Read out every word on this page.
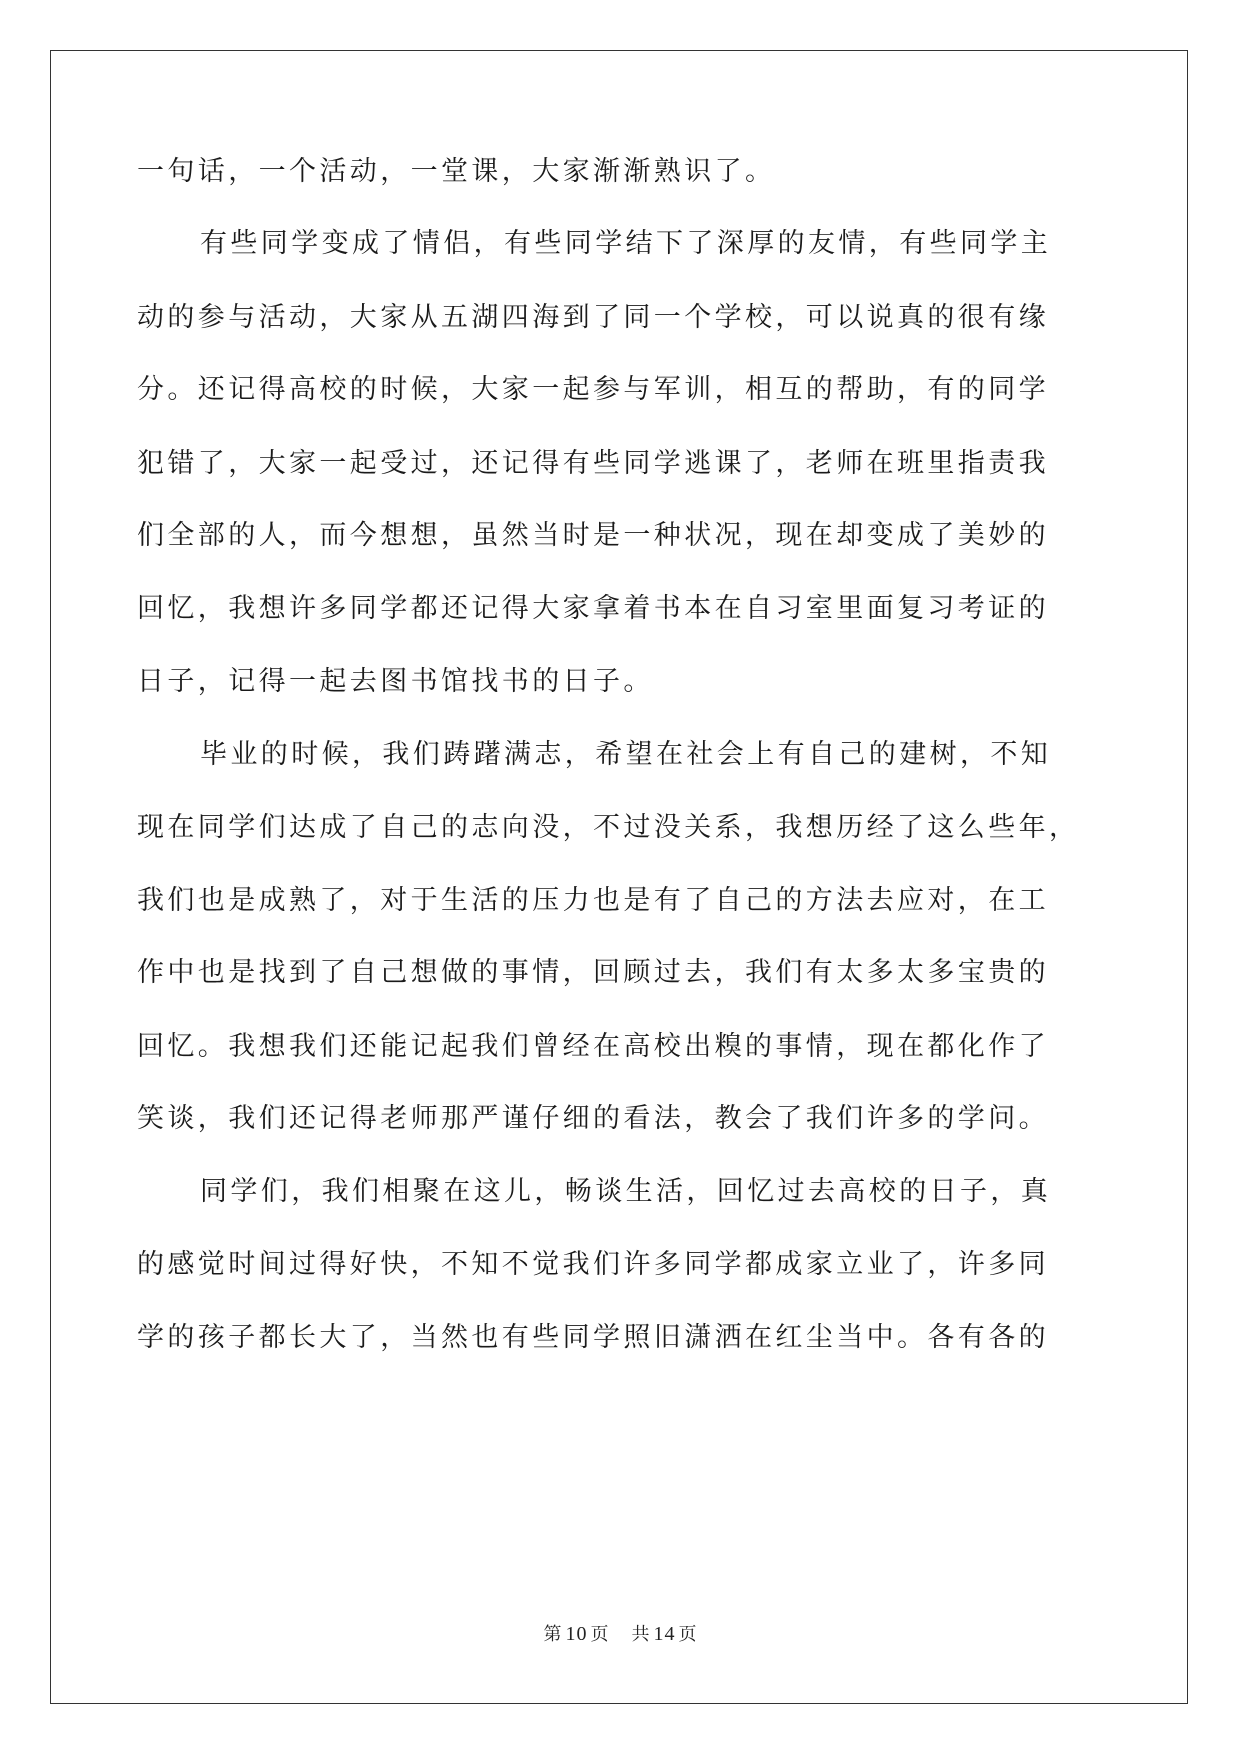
一句话，一个活动，一堂课，大家渐渐熟识了。
有些同学变成了情侣，有些同学结下了深厚的友情，有些同学主
动的参与活动，大家从五湖四海到了同一个学校，可以说真的很有缘
分。还记得高校的时候，大家一起参与军训，相互的帮助，有的同学
犯错了，大家一起受过，还记得有些同学逃课了，老师在班里指责我
们全部的人，而今想想，虽然当时是一种状况，现在却变成了美妙的
回忆，我想许多同学都还记得大家拿着书本在自习室里面复习考证的
日子，记得一起去图书馆找书的日子。
毕业的时候，我们踌躇满志，希望在社会上有自己的建树，不知
现在同学们达成了自己的志向没，不过没关系，我想历经了这么些年，
我们也是成熟了，对于生活的压力也是有了自己的方法去应对，在工
作中也是找到了自己想做的事情，回顾过去，我们有太多太多宝贵的
回忆。我想我们还能记起我们曾经在高校出糗的事情，现在都化作了
笑谈，我们还记得老师那严谨仔细的看法，教会了我们许多的学问。
同学们，我们相聚在这儿，畅谈生活，回忆过去高校的日子，真
的感觉时间过得好快，不知不觉我们许多同学都成家立业了，许多同
学的孩子都长大了，当然也有些同学照旧潇洒在红尘当中。各有各的
第 10 页 共 14 页
